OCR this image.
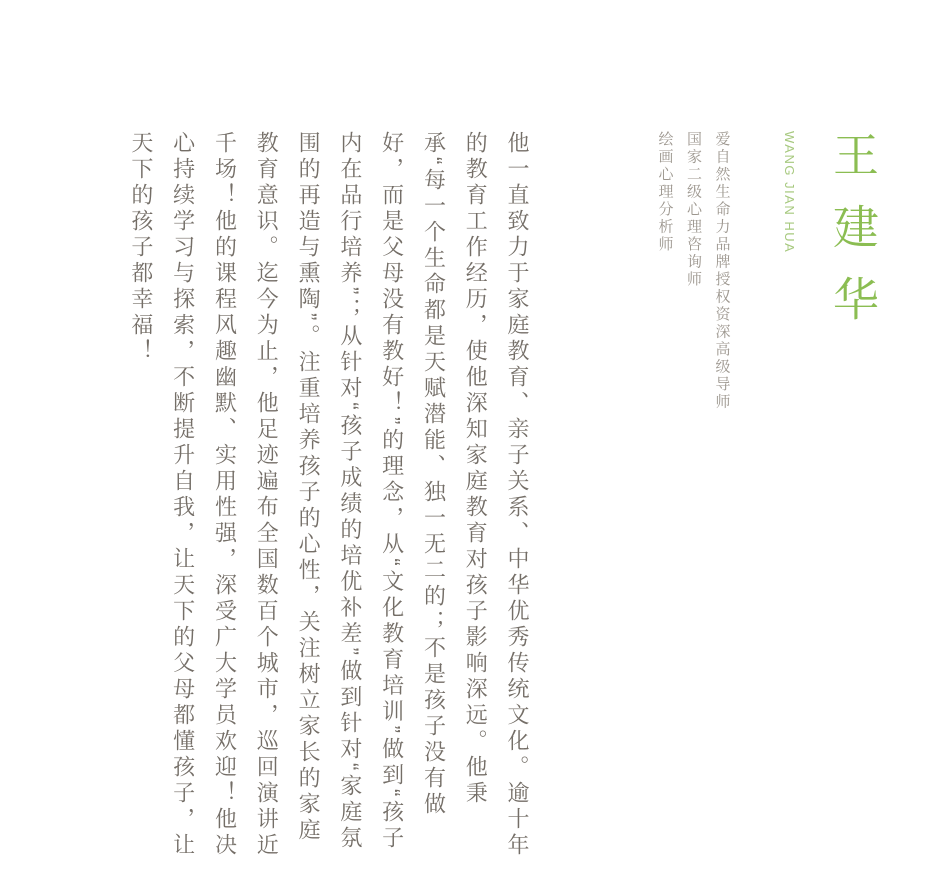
王建华
WANG JIAN HUA
爱自然生命力品牌授权资深高级导师
国家二级心理咨询师
绘画心理分析师

他一直致力于家庭教育、亲子关系、中华优秀传统文化。逾十年的教育工作经历，使他深知家庭教育对孩子影响深远。他秉承“每一个生命都是天赋潜能、独一无二的；不是孩子没有做好，而是父母没有教好！”的理念，从“文化教育培训”做到“孩子内在品行培养”；从针对“孩子成绩的培优补差”做到针对“家庭氛围的再造与熏陶”。注重培养孩子的心性，关注树立家长的家庭教育意识。迄今为止，他足迹遍布全国数百个城市，巡回演讲近千场！他的课程风趣幽默、实用性强，深受广大学员欢迎！他决心持续学习与探索，不断提升自我，让天下的父母都懂孩子，让天下的孩子都幸福！
